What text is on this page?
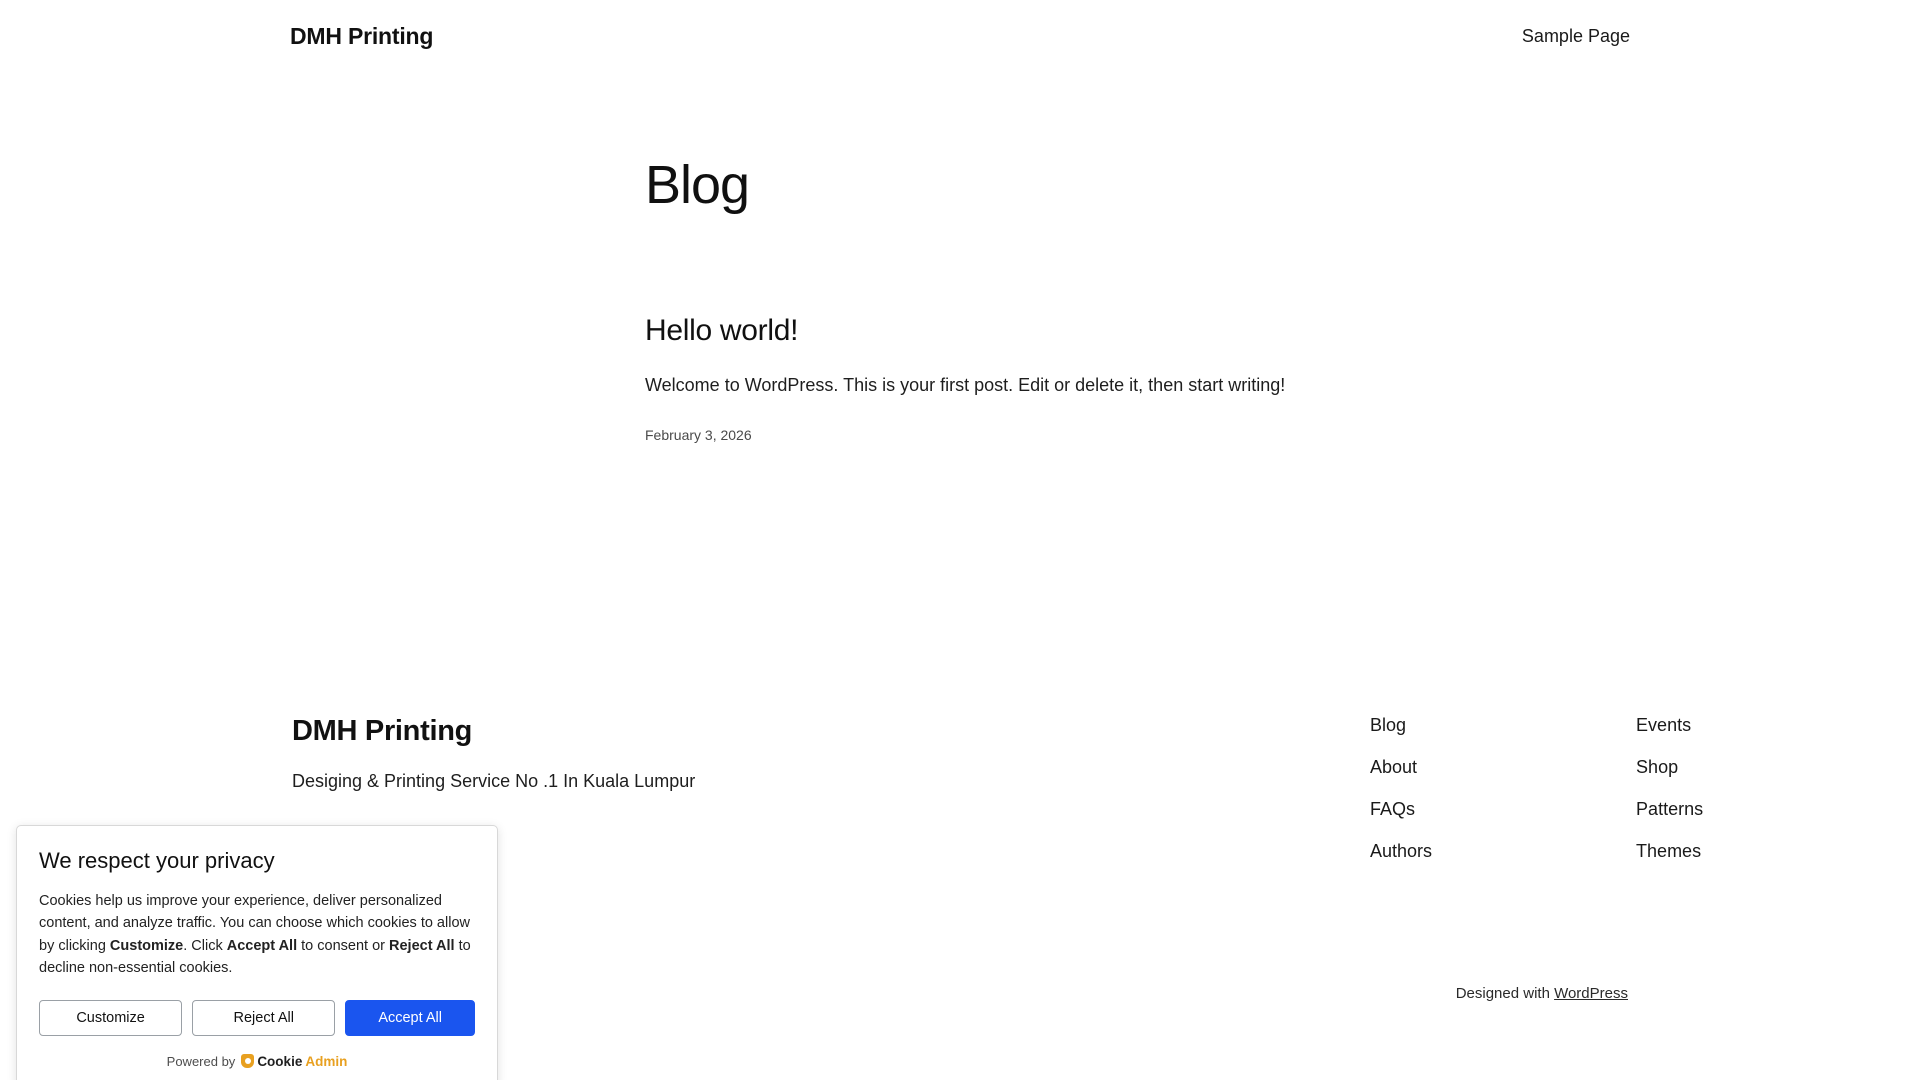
DMH Printing	Sample Page
Blog
Hello world!

Welcome to WordPress. This is your first post. Edit or delete it, then start writing!

February 3, 2026
DMH Printing
Desiging & Printing Service No .1 In Kuala Lumpur
Blog
About
FAQs
Authors
Events
Shop
Patterns
Themes
Designed with WordPress
We respect your privacy

Cookies help us improve your experience, deliver personalized content, and analyze traffic. You can choose which cookies to allow by clicking Customize. Click Accept All to consent or Reject All to decline non-essential cookies.

Customize	Reject All	Accept All
Powered by Cookie Admin
